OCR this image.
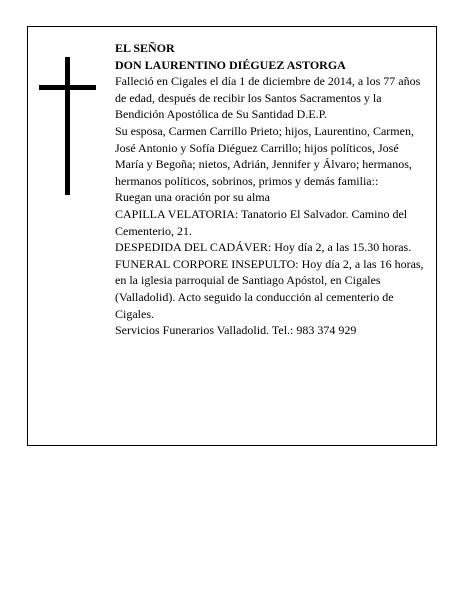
EL SEÑOR

DON LAURENTINO DIÉGUEZ ASTORGA

Falleció en Cigales el día 1 de diciembre de 2014, a los 77 años de edad, después de recibir los Santos Sacramentos y la Bendición Apostólica de Su Santidad D.E.P.

Su esposa, Carmen Carrillo Prieto; hijos, Laurentino, Carmen, José Antonio y Sofía Diéguez Carrillo; hijos políticos, José María y Begoña; nietos, Adrián, Jennifer y Álvaro; hermanos, hermanos políticos, sobrinos, primos y demás familia::

Ruegan una oración por su alma

CAPILLA VELATORIA: Tanatorio El Salvador. Camino del Cementerio, 21.

DESPEDIDA DEL CADÁVER: Hoy día 2, a las 15.30 horas.

FUNERAL CORPORE INSEPULTO: Hoy día 2, a las 16 horas, en la iglesia parroquial de Santiago Apóstol, en Cigales (Valladolid). Acto seguido la conducción al cementerio de Cigales.

Servicios Funerarios Valladolid. Tel.: 983 374 929
